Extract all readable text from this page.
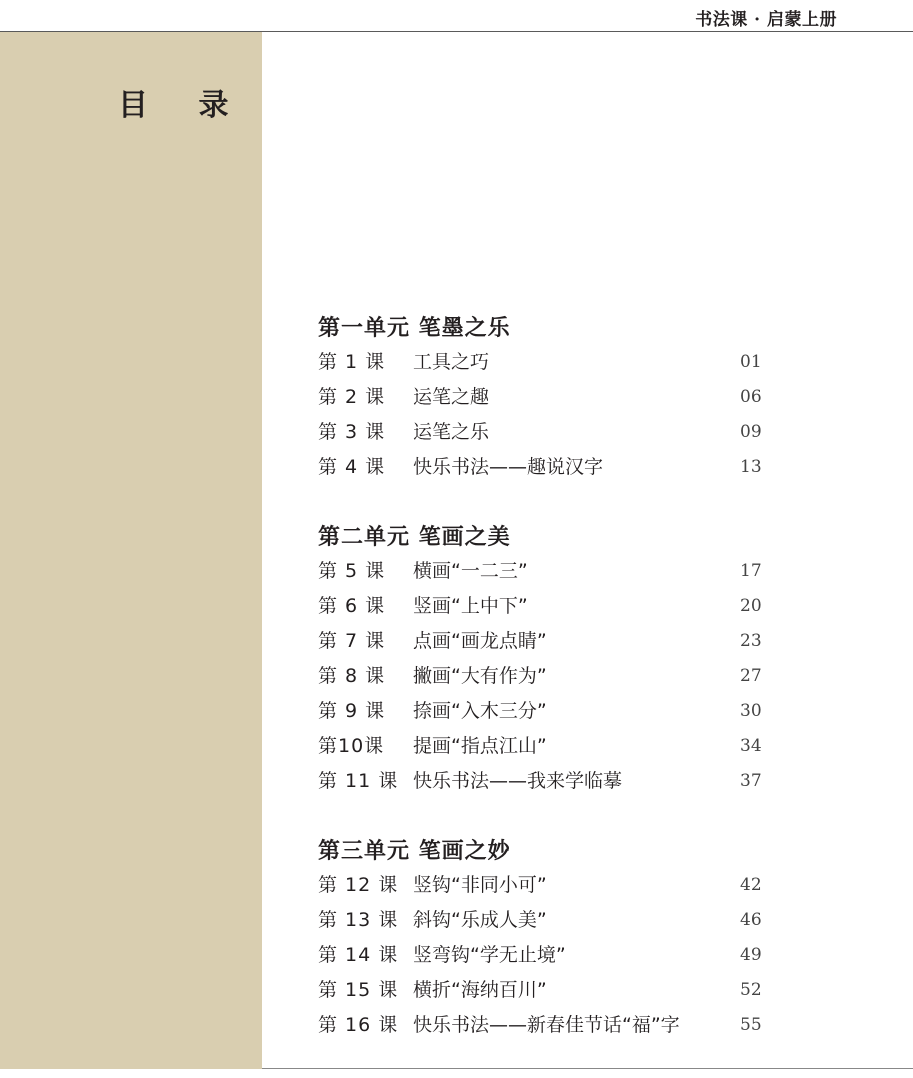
书法课 · 启蒙上册
目 录
第一单元 笔墨之乐
第 1 课 工具之巧	01
第 2 课 运笔之趣	06
第 3 课 运笔之乐	09
第 4 课 快乐书法——趣说汉字	13
第二单元 笔画之美
第 5 课 横画“一二三”	17
第 6 课 竖画“上中下”	20
第 7 课 点画“画龙点睛”	23
第 8 课 撇画“大有作为”	27
第 9 课 捺画“入木三分”	30
第10课 提画“指点江山”	34
第 11 课 快乐书法——我来学临摹	37
第三单元 笔画之妙
第 12 课 竖钩“非同小可”	42
第 13 课 斜钩“乐成人美”	46
第 14 课 竖弯钩“学无止境”	49
第 15 课 横折“海纳百川”	52
第 16 课 快乐书法——新春佳节话“福”字	55
